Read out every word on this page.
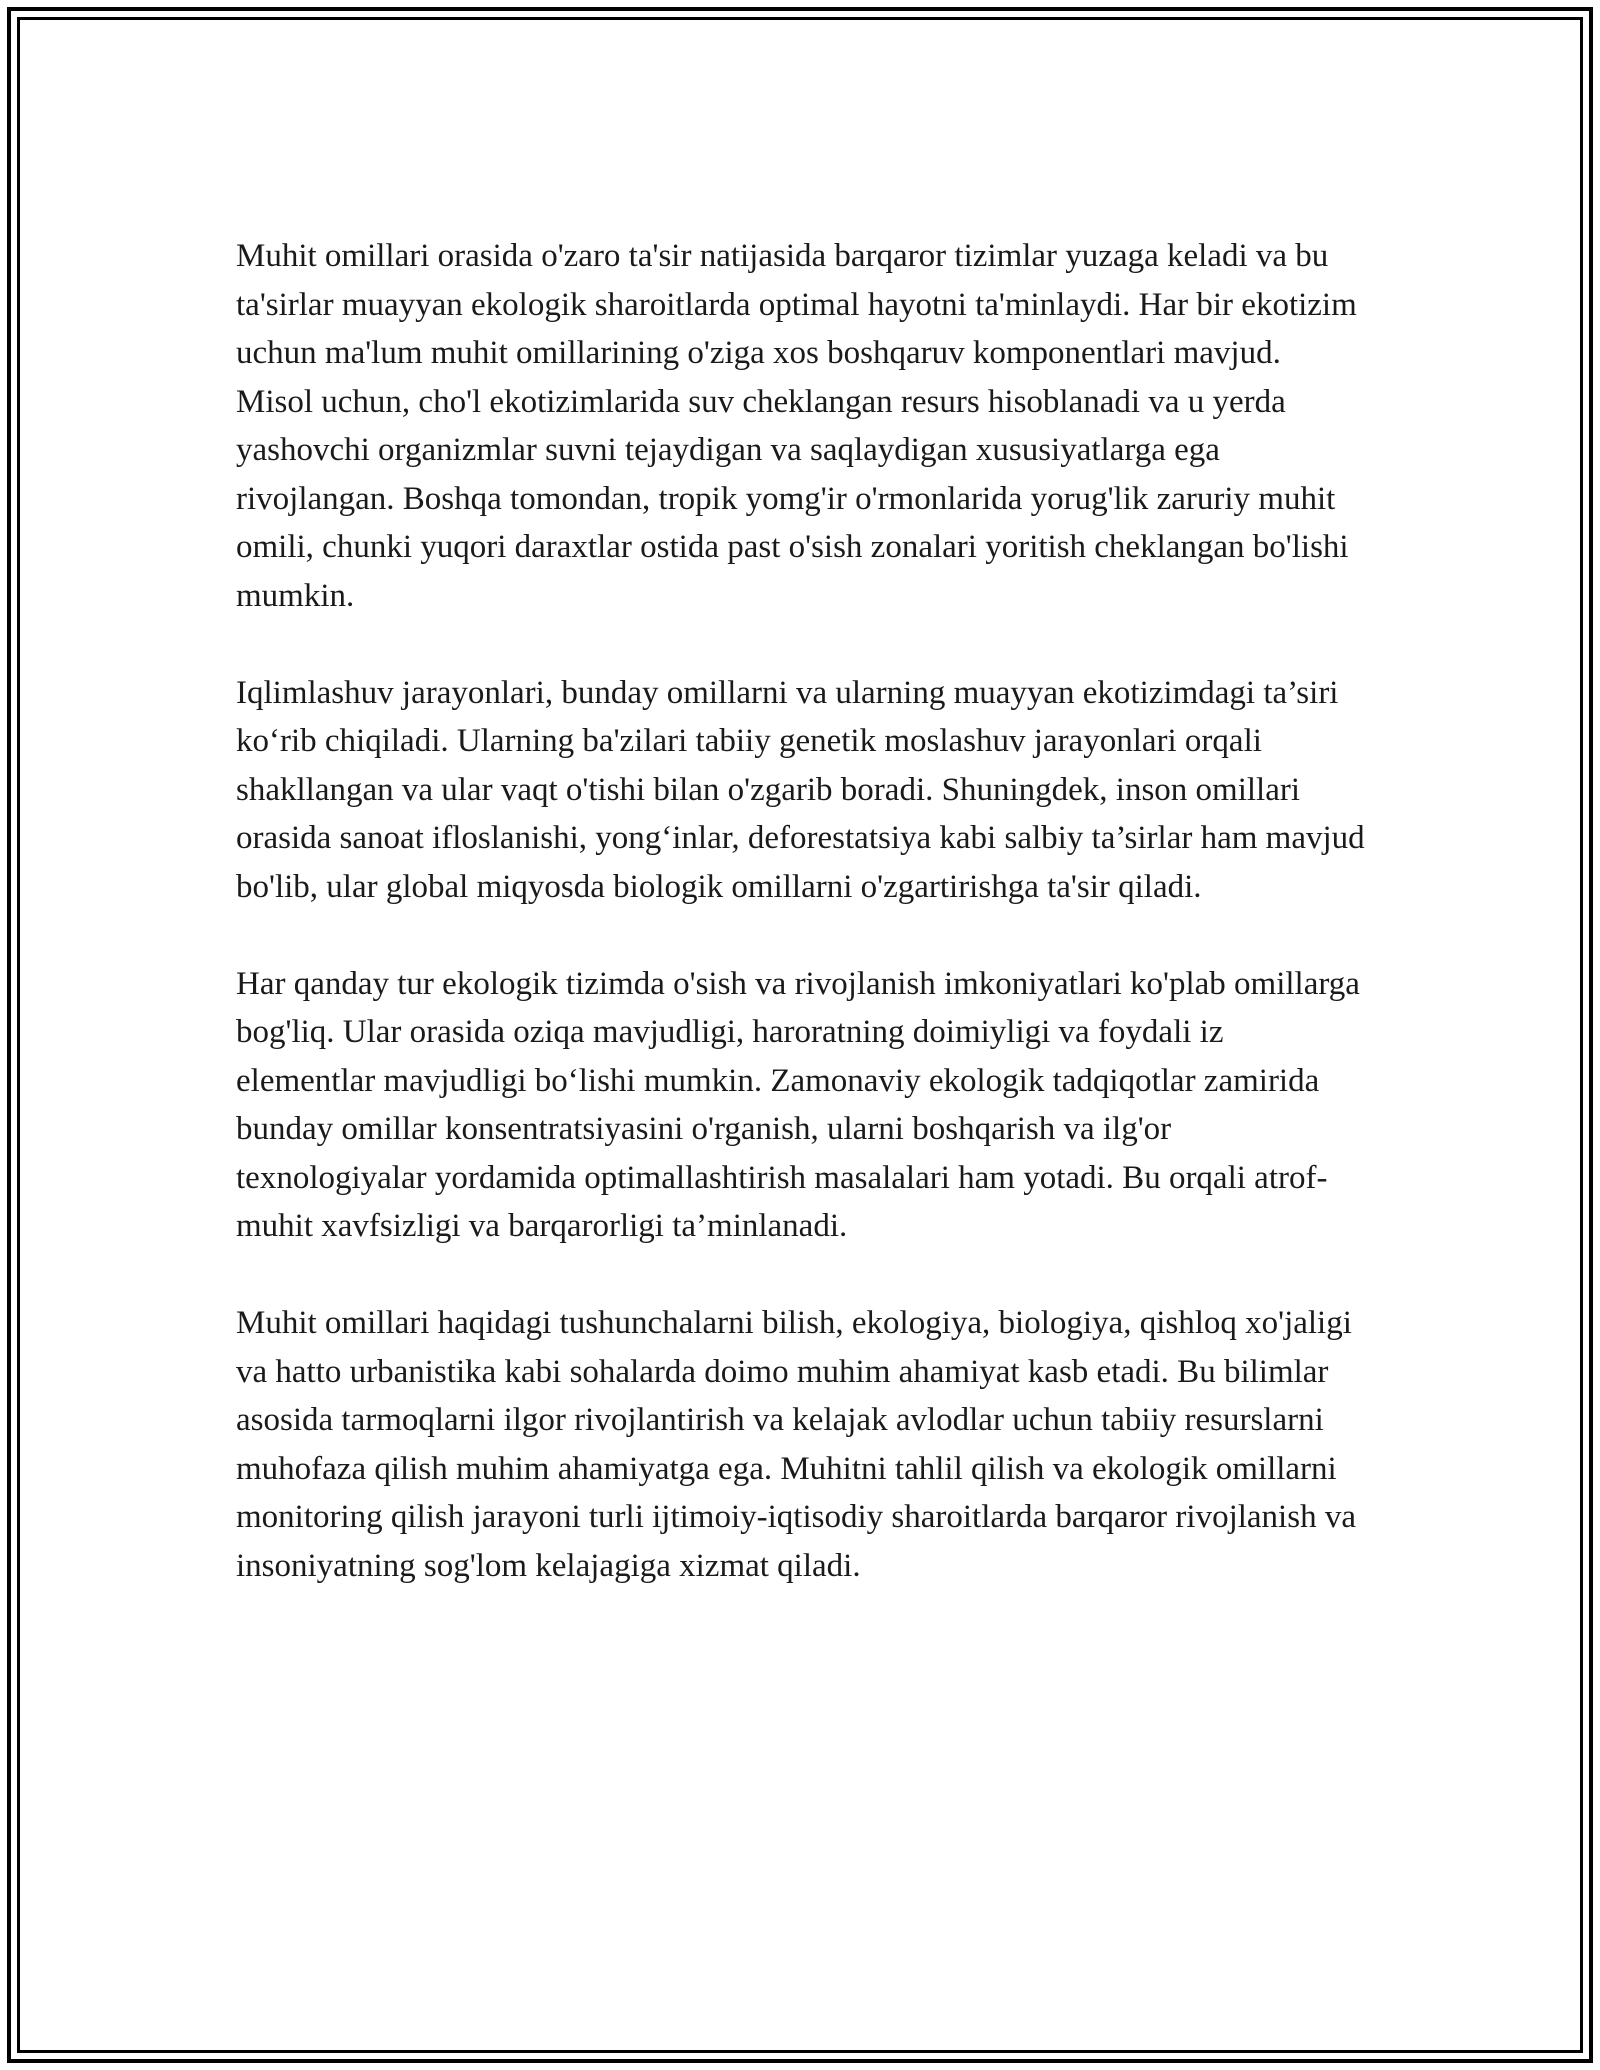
Muhit omillari orasida o'zaro ta'sir natijasida barqaror tizimlar yuzaga keladi va bu ta'sirlar muayyan ekologik sharoitlarda optimal hayotni ta'minlaydi. Har bir ekotizim uchun ma'lum muhit omillarining o'ziga xos boshqaruv komponentlari mavjud. Misol uchun, cho'l ekotizimlarida suv cheklangan resurs hisoblanadi va u yerda yashovchi organizmlar suvni tejaydigan va saqlaydigan xususiyatlarga ega rivojlangan. Boshqa tomondan, tropik yomg'ir o'rmonlarida yorug'lik zaruriy muhit omili, chunki yuqori daraxtlar ostida past o'sish zonalari yoritish cheklangan bo'lishi mumkin.

Iqlimlashuv jarayonlari, bunday omillarni va ularning muayyan ekotizimdagi ta’siri ko‘rib chiqiladi. Ularning ba'zilari tabiiy genetik moslashuv jarayonlari orqali shakllangan va ular vaqt o'tishi bilan o'zgarib boradi. Shuningdek, inson omillari orasida sanoat ifloslanishi, yong‘inlar, deforestatsiya kabi salbiy ta’sirlar ham mavjud bo'lib, ular global miqyosda biologik omillarni o'zgartirishga ta'sir qiladi.

Har qanday tur ekologik tizimda o'sish va rivojlanish imkoniyatlari ko'plab omillarga bog'liq. Ular orasida oziqa mavjudligi, haroratning doimiyligi va foydali iz elementlar mavjudligi bo‘lishi mumkin. Zamonaviy ekologik tadqiqotlar zamirida bunday omillar konsentratsiyasini o'rganish, ularni boshqarish va ilg'or texnologiyalar yordamida optimallashtirish masalalari ham yotadi. Bu orqali atrof-muhit xavfsizligi va barqarorligi ta’minlanadi.

Muhit omillari haqidagi tushunchalarni bilish, ekologiya, biologiya, qishloq xo'jaligi va hatto urbanistika kabi sohalarda doimo muhim ahamiyat kasb etadi. Bu bilimlar asosida tarmoqlarni ilgor rivojlantirish va kelajak avlodlar uchun tabiiy resurslarni muhofaza qilish muhim ahamiyatga ega. Muhitni tahlil qilish va ekologik omillarni monitoring qilish jarayoni turli ijtimoiy-iqtisodiy sharoitlarda barqaror rivojlanish va insoniyatning sog'lom kelajagiga xizmat qiladi.
